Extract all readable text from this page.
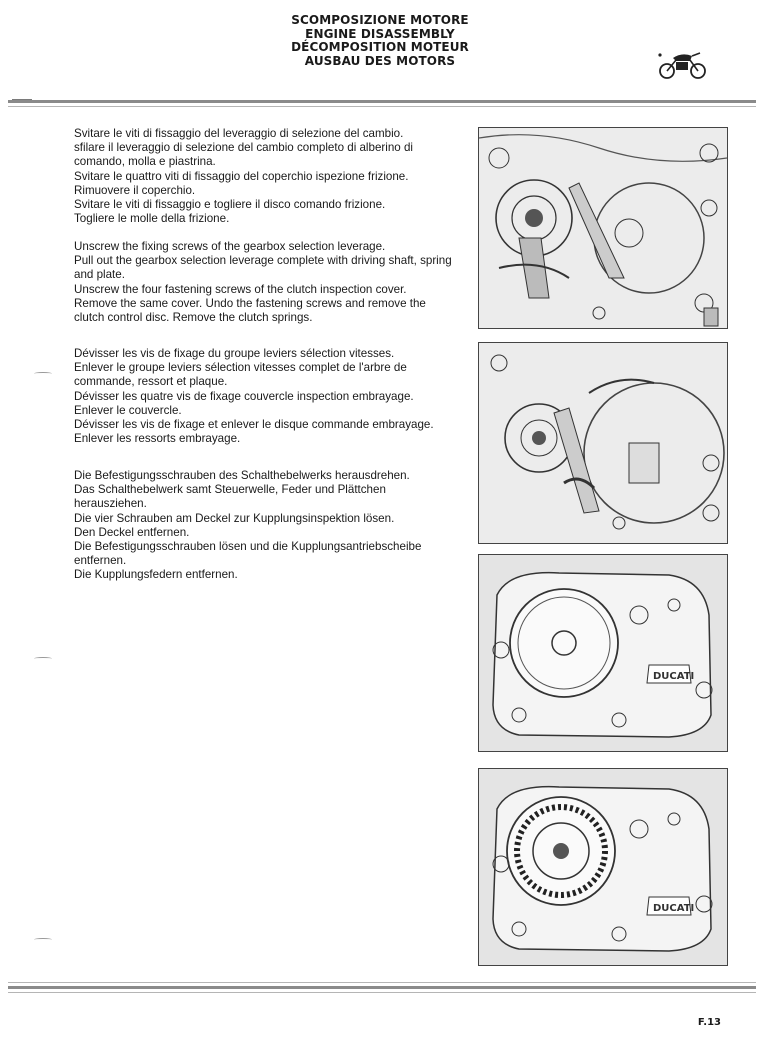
SCOMPOSIZIONE MOTORE
ENGINE DISASSEMBLY
DÉCOMPOSITION MOTEUR
AUSBAU DES MOTORS

Svitare le viti di fissaggio del leveraggio di selezione del cambio.

sfilare il leveraggio di selezione del cambio completo di alberino di comando, molla e piastrina.

Svitare le quattro viti di fissaggio del coperchio ispezione frizione.

Rimuovere il coperchio.

Svitare le viti di fissaggio e togliere il disco comando frizione.

Togliere le molle della frizione.

Unscrew the fixing screws of the gearbox selection leverage.

Pull out the gearbox selection leverage complete with driving shaft, spring and plate.

Unscrew the four fastening screws of the clutch inspection cover.

Remove the same cover. Undo the fastening screws and remove the clutch control disc. Remove the clutch springs.

Dévisser les vis de fixage du groupe leviers sélection vitesses.

Enlever le groupe leviers sélection vitesses complet de l'arbre de commande, ressort et plaque.

Dévisser les quatre vis de fixage couvercle inspection embrayage.

Enlever le couvercle.

Dévisser les vis de fixage et enlever le disque commande embrayage. Enlever les ressorts embrayage.

Die Befestigungsschrauben des Schalthebelwerks herausdrehen.

Das Schalthebelwerk samt Steuerwelle, Feder und Plättchen herausziehen.

Die vier Schrauben am Deckel zur Kupplungsinspektion lösen.

Den Deckel entfernen.

Die Befestigungsschrauben lösen und die Kupplungsantriebscheibe entfernen.

Die Kupplungsfedern entfernen.

DUCATI
DUCATI
F.13
